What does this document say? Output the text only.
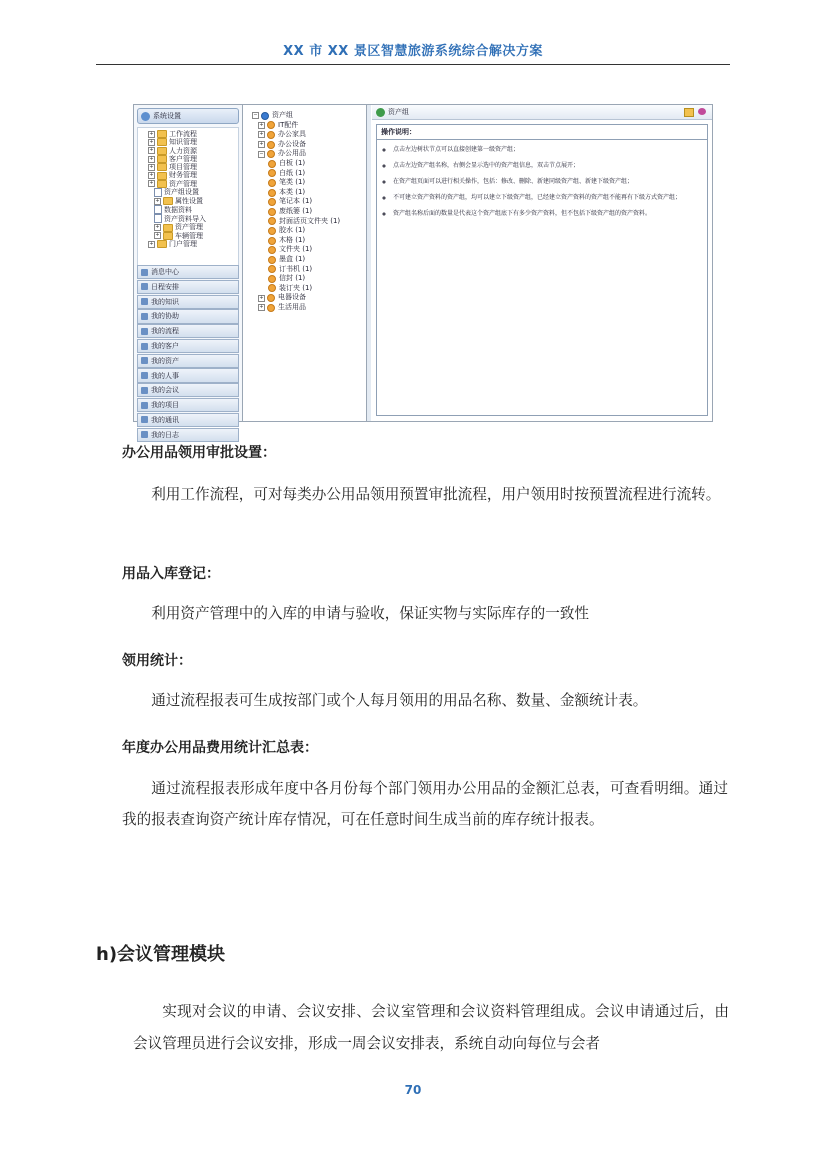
XX 市 XX 景区智慧旅游系统综合解决方案
系统设置
+ 工作流程
+ 知识管理
+ 人力资源
+ 客户管理
+ 项目管理
+ 财务管理
+ 资产管理
资产组设置
+ 属性设置
数据资料
资产资料导入
+ 资产管理
+ 车辆管理
+ 门户管理
消息中心
日程安排
我的知识
我的协助
我的流程
我的客户
我的资产
我的人事
我的会议
我的项目
我的通讯
我的日志
− 资产组
+ IT配件
+ 办公家具
+ 办公设备
− 办公用品
白板 (1)
白纸 (1)
笔类 (1)
本类 (1)
笔记本 (1)
废纸篓 (1)
封面活页文件夹 (1)
胶水 (1)
木格 (1)
文件夹 (1)
墨盒 (1)
订书机 (1)
信封 (1)
装订夹 (1)
+ 电器设备
+ 生活用品
资产组
操作说明：
◦ 点击左边树状节点可以直接创建第一级资产组；
◦ 点击左边资产组名称，右侧会显示选中的资产组信息，双击节点展开；
◦ 在资产组页面可以进行相关操作，包括：修改、删除、新建同级资产组、新建下级资产组；
◦ 不可建立资产资料的资产组，均可以建立下级资产组，已经建立资产资料的资产组不能再有下级方式资产组；
◦ 资产组名称后面的数量是代表这个资产组底下有多少资产资料，但不包括下级资产组的资产资料。
办公用品领用审批设置：
利用工作流程，可对每类办公用品领用预置审批流程，用户领用时按预置流程进行流转。
用品入库登记：
利用资产管理中的入库的申请与验收，保证实物与实际库存的一致性
领用统计：
通过流程报表可生成按部门或个人每月领用的用品名称、数量、金额统计表。
年度办公用品费用统计汇总表：
通过流程报表形成年度中各月份每个部门领用办公用品的金额汇总表，可查看明细。通过我的报表查询资产统计库存情况，可在任意时间生成当前的库存统计报表。
h)会议管理模块
实现对会议的申请、会议安排、会议室管理和会议资料管理组成。会议申请通过后，由会议管理员进行会议安排，形成一周会议安排表，系统自动向每位与会者
70
